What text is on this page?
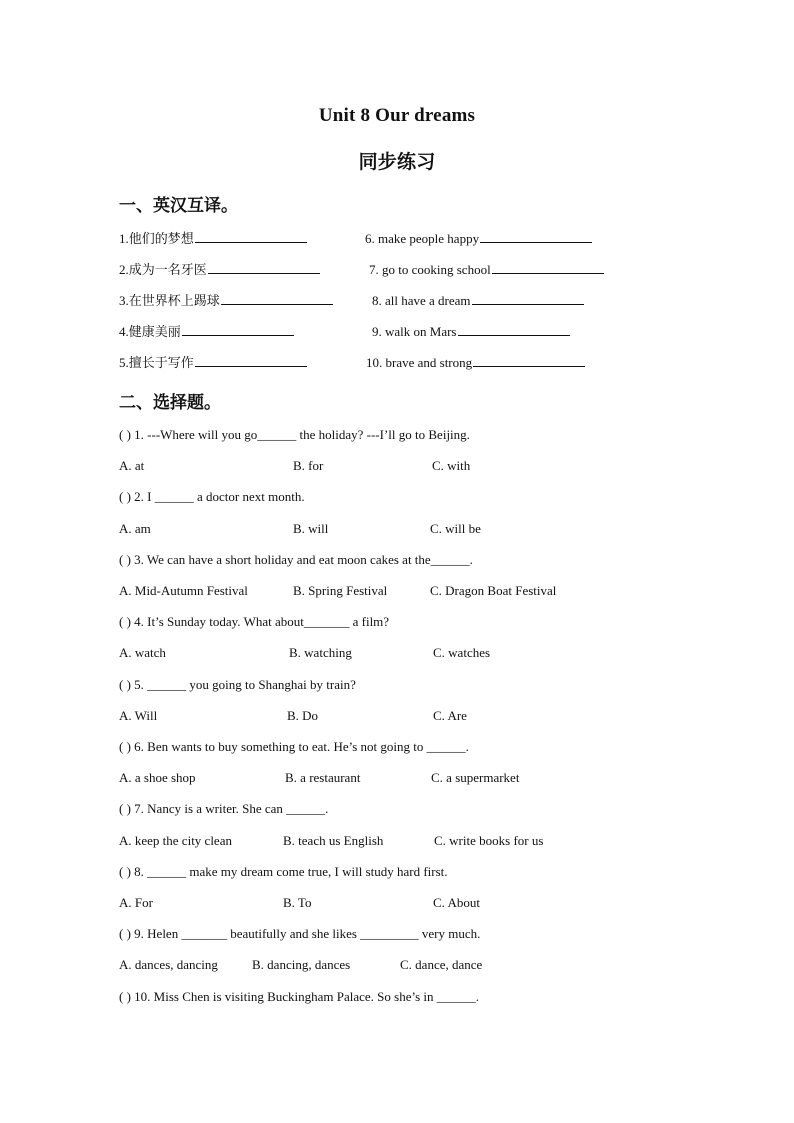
Unit 8 Our dreams
同步练习
一、英汉互译。
1.他们的梦想	6. make people happy
2.成为一名牙医	7. go to cooking school
3.在世界杯上踢球	8. all have a dream
4.健康美丽	9. walk on Mars
5.擅长于写作	10. brave and strong
二、选择题。
( ) 1. ---Where will you go______ the holiday? ---I’ll go to Beijing.
A. at	B. for	C. with
( ) 2. I ______ a doctor next month.
A. am	B. will	C. will be
( ) 3. We can have a short holiday and eat moon cakes at the______.
A. Mid-Autumn Festival	B. Spring Festival	C. Dragon Boat Festival
( ) 4. It’s Sunday today. What about_______ a film?
A. watch	B. watching	C. watches
( ) 5. ______ you going to Shanghai by train?
A. Will	B. Do	C. Are
( ) 6. Ben wants to buy something to eat. He’s not going to ______.
A. a shoe shop	B. a restaurant	C. a supermarket
( ) 7. Nancy is a writer. She can ______.
A. keep the city clean	B. teach us English	C. write books for us
( ) 8. ______ make my dream come true, I will study hard first.
A. For	B. To	C. About
( ) 9. Helen _______ beautifully and she likes _________ very much.
A. dances, dancing	B. dancing, dances	C. dance, dance
( ) 10. Miss Chen is visiting Buckingham Palace. So she’s in ______.
